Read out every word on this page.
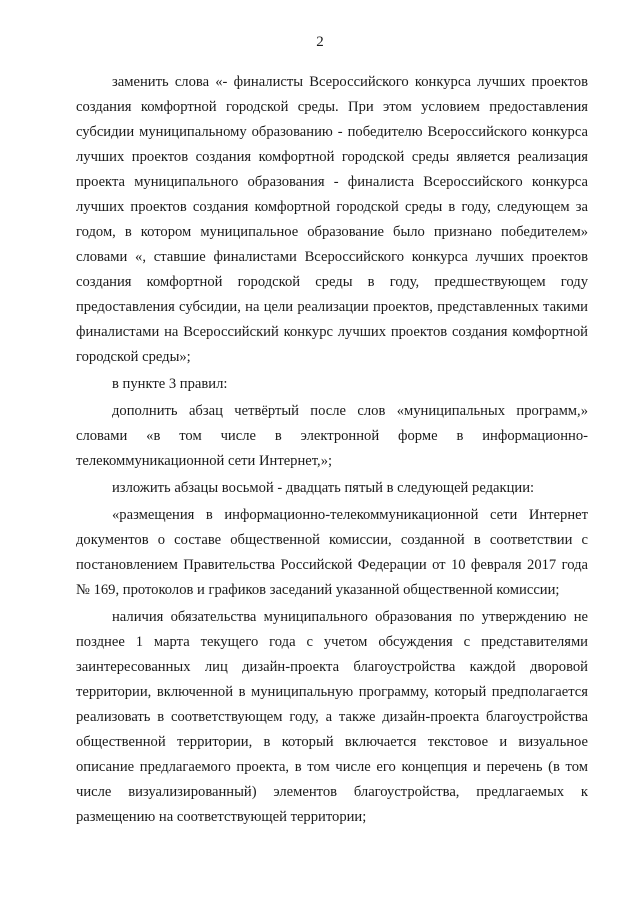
2

заменить слова «- финалисты Всероссийского конкурса лучших проектов создания комфортной городской среды. При этом условием предоставления субсидии муниципальному образованию - победителю Всероссийского конкурса лучших проектов создания комфортной городской среды является реализация проекта муниципального образования - финалиста Всероссийского конкурса лучших проектов создания комфортной городской среды в году, следующем за годом, в котором муниципальное образование было признано победителем» словами «, ставшие финалистами Всероссийского конкурса лучших проектов создания комфортной городской среды в году, предшествующем году предоставления субсидии, на цели реализации проектов, представленных такими финалистами на Всероссийский конкурс лучших проектов создания комфортной городской среды»;

в пункте 3 правил:

дополнить абзац четвёртый после слов «муниципальных программ,» словами «в том числе в электронной форме в информационно-телекоммуникационной сети Интернет,»;

изложить абзацы восьмой - двадцать пятый в следующей редакции:

«размещения в информационно-телекоммуникационной сети Интернет документов о составе общественной комиссии, созданной в соответствии с постановлением Правительства Российской Федерации от 10 февраля 2017 года № 169, протоколов и графиков заседаний указанной общественной комиссии;

наличия обязательства муниципального образования по утверждению не позднее 1 марта текущего года с учетом обсуждения с представителями заинтересованных лиц дизайн-проекта благоустройства каждой дворовой территории, включенной в муниципальную программу, который предполагается реализовать в соответствующем году, а также дизайн-проекта благоустройства общественной территории, в который включается текстовое и визуальное описание предлагаемого проекта, в том числе его концепция и перечень (в том числе визуализированный) элементов благоустройства, предлагаемых к размещению на соответствующей территории;
